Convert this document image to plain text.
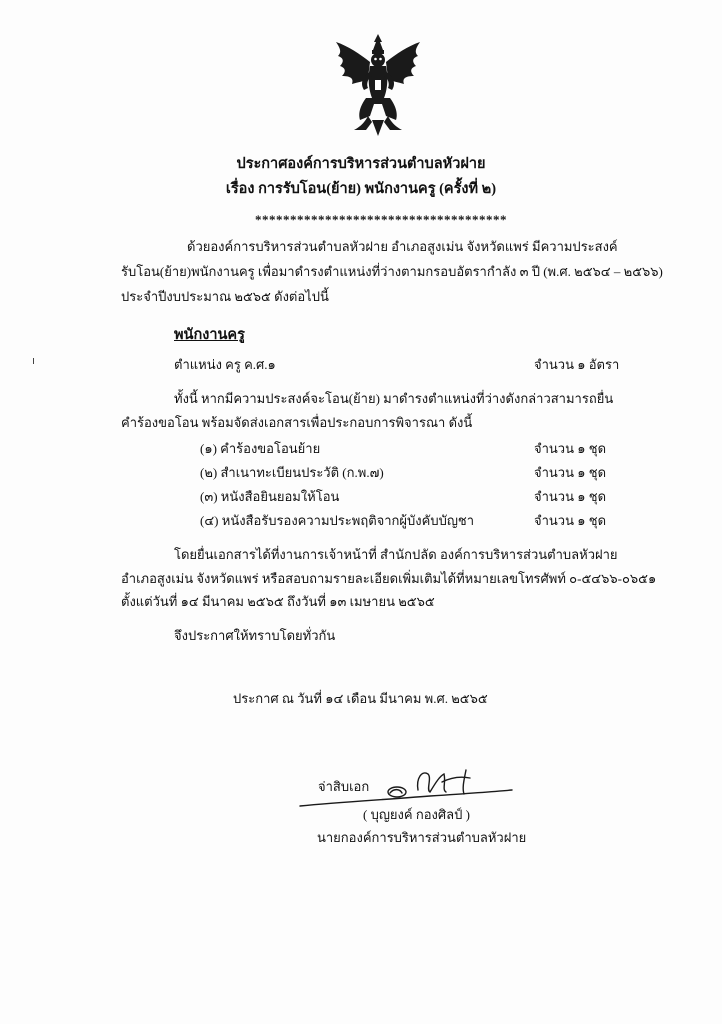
ประกาศองค์การบริหารส่วนตำบลหัวฝาย
เรื่อง การรับโอน(ย้าย) พนักงานครู (ครั้งที่ ๒)
************************************
ด้วยองค์การบริหารส่วนตำบลหัวฝาย อำเภอสูงเม่น จังหวัดแพร่ มีความประสงค์
รับโอน(ย้าย)พนักงานครู เพื่อมาดำรงตำแหน่งที่ว่างตามกรอบอัตรากำลัง ๓ ปี (พ.ศ. ๒๕๖๔ – ๒๕๖๖)
ประจำปีงบประมาณ ๒๕๖๕ ดังต่อไปนี้
พนักงานครู
ตำแหน่ง ครู ค.ศ.๑	จำนวน ๑ อัตรา
ทั้งนี้ หากมีความประสงค์จะโอน(ย้าย) มาดำรงตำแหน่งที่ว่างดังกล่าวสามารถยื่น
คำร้องขอโอน พร้อมจัดส่งเอกสารเพื่อประกอบการพิจารณา ดังนี้
(๑) คำร้องขอโอนย้าย	จำนวน ๑ ชุด
(๒) สำเนาทะเบียนประวัติ (ก.พ.๗)	จำนวน ๑ ชุด
(๓) หนังสือยินยอมให้โอน	จำนวน ๑ ชุด
(๔) หนังสือรับรองความประพฤติจากผู้บังคับบัญชา	จำนวน ๑ ชุด
โดยยื่นเอกสารได้ที่งานการเจ้าหน้าที่ สำนักปลัด องค์การบริหารส่วนตำบลหัวฝาย
อำเภอสูงเม่น จังหวัดแพร่ หรือสอบถามรายละเอียดเพิ่มเติมได้ที่หมายเลขโทรศัพท์ ๐-๕๔๖๖-๐๖๕๑
ตั้งแต่วันที่ ๑๔ มีนาคม ๒๕๖๕ ถึงวันที่ ๑๓ เมษายน ๒๕๖๕
จึงประกาศให้ทราบโดยทั่วกัน
ประกาศ ณ วันที่ ๑๔ เดือน มีนาคม พ.ศ. ๒๕๖๕
จ่าสิบเอก
( บุญยงค์ กองศิลป์ )
นายกองค์การบริหารส่วนตำบลหัวฝาย
